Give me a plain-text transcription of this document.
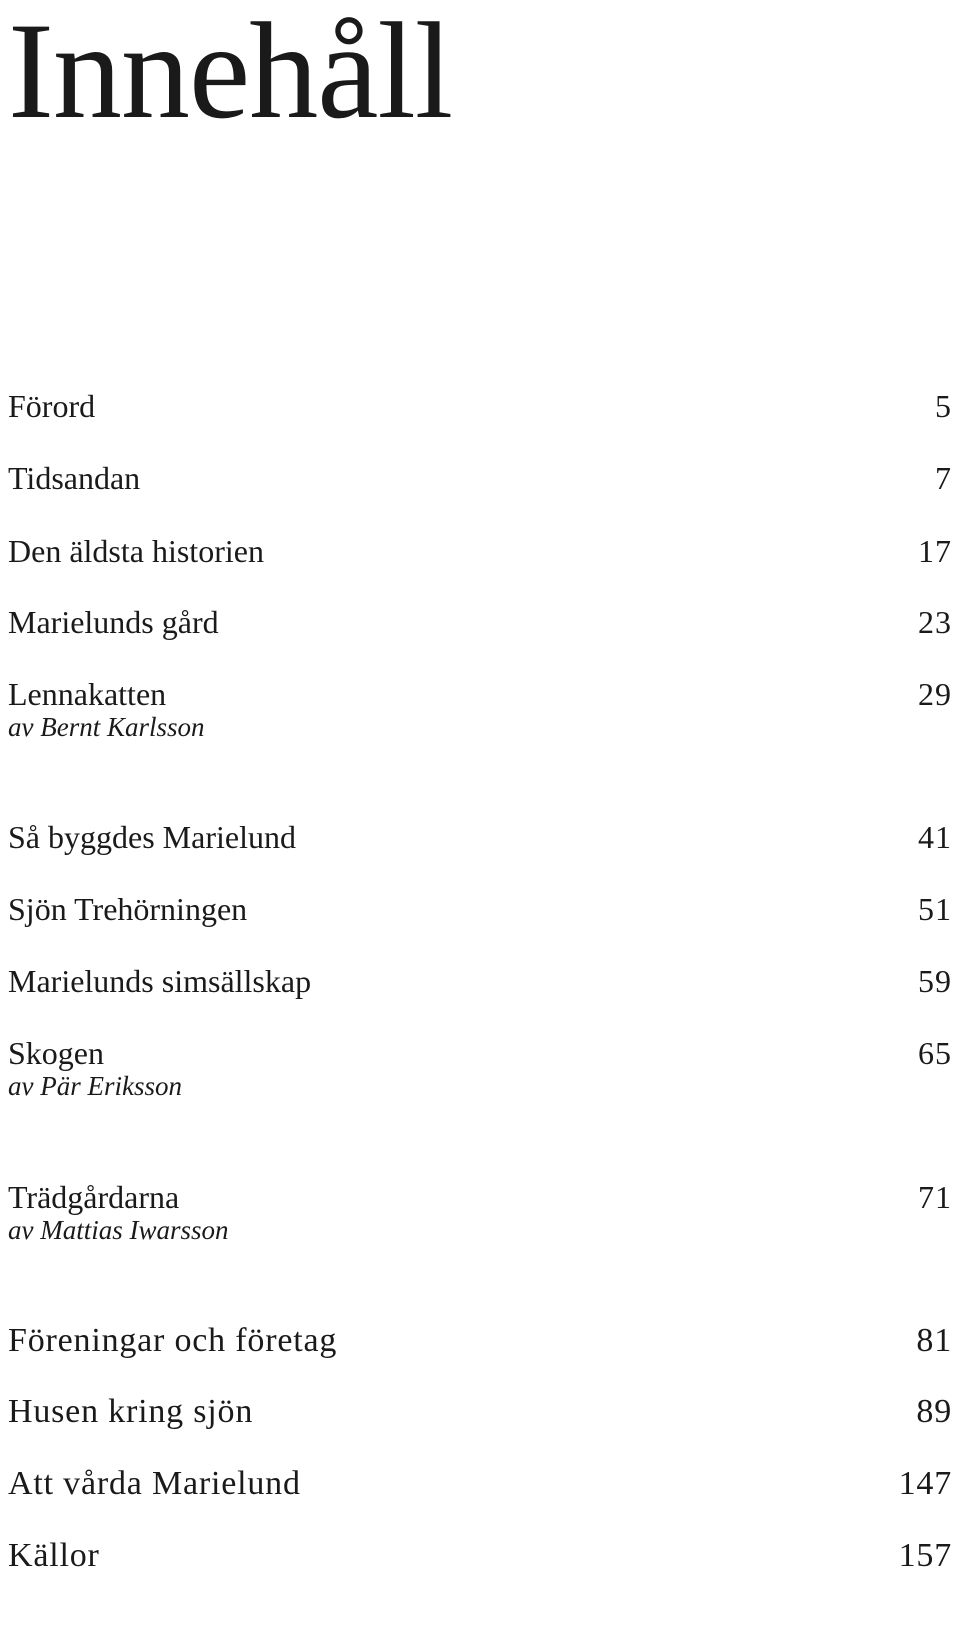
Innehåll
Förord	5
Tidsandan	7
Den äldsta historien	17
Marielunds gård	23
Lennakatten	29
av Bernt Karlsson
Så byggdes Marielund	41
Sjön Trehörningen	51
Marielunds simsällskap	59
Skogen	65
av Pär Eriksson
Trädgårdarna	71
av Mattias Iwarsson
Föreningar och företag	81
Husen kring sjön	89
Att vårda Marielund	147
Källor	157
